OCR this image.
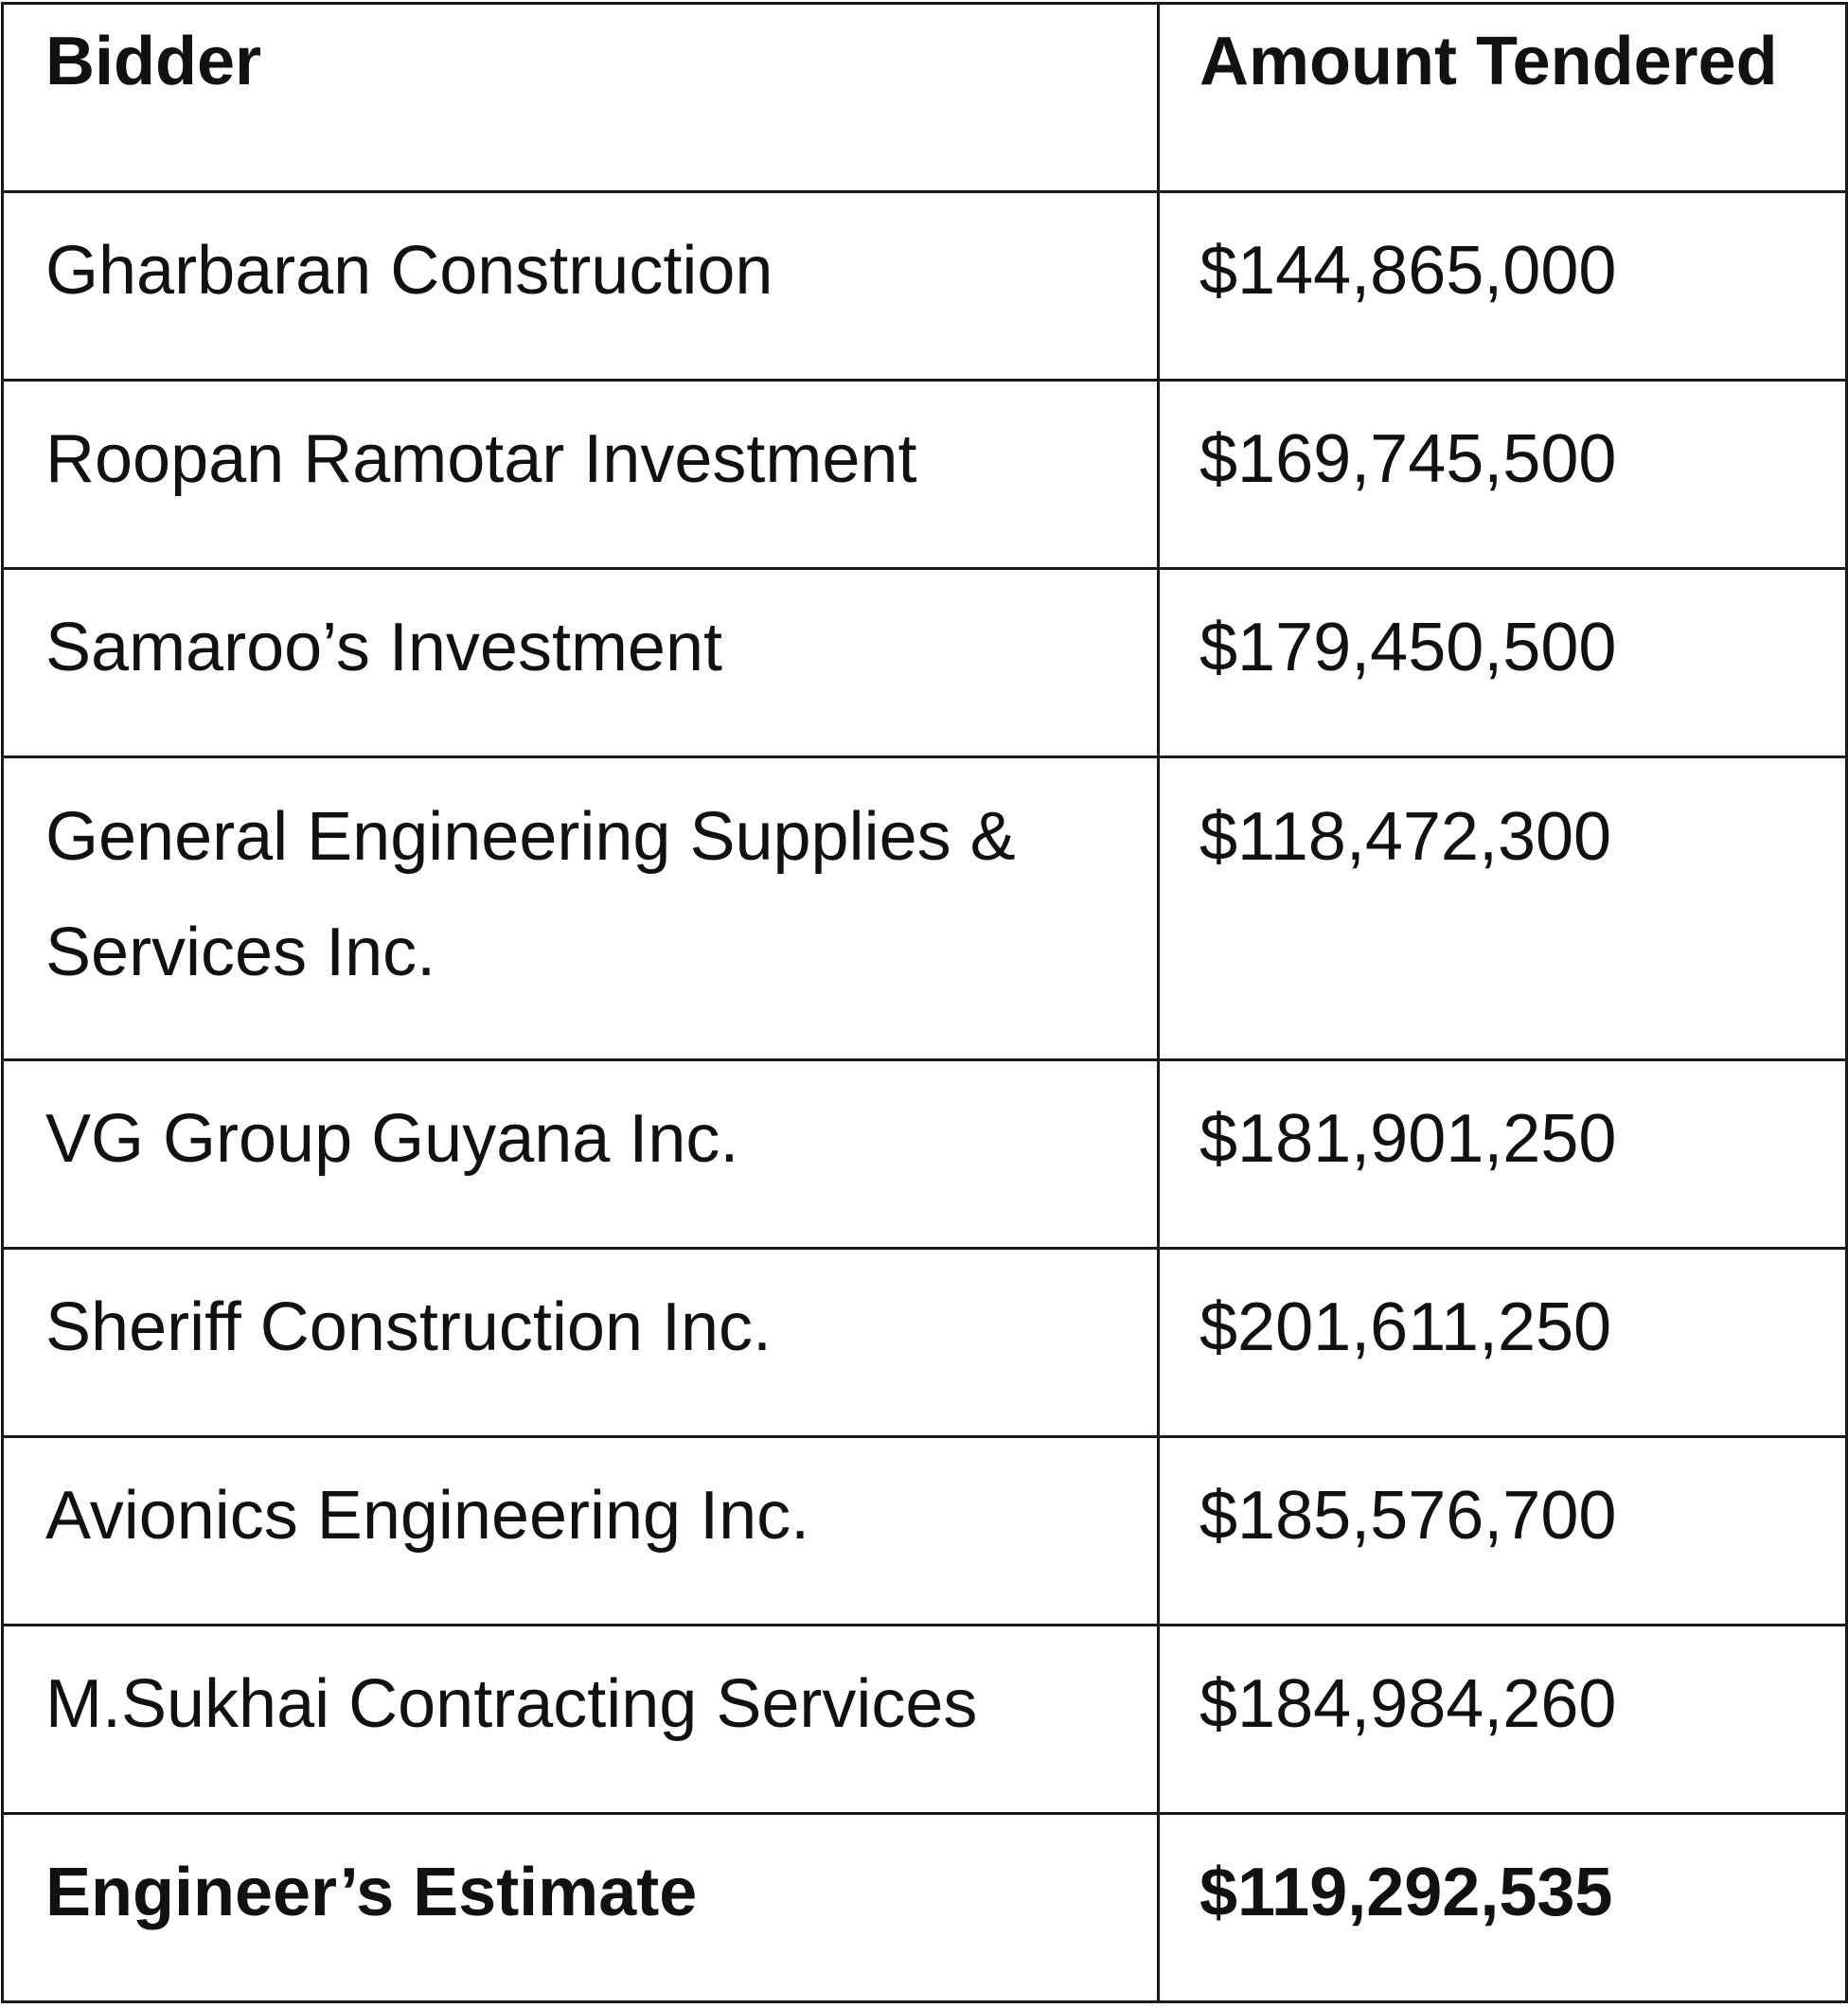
Bidder	Amount Tendered
Gharbaran Construction	$144,865,000
Roopan Ramotar Investment	$169,745,500
Samaroo’s Investment	$179,450,500
General Engineering Supplies & Services Inc.	$118,472,300
VG Group Guyana Inc.	$181,901,250
Sheriff Construction Inc.	$201,611,250
Avionics Engineering Inc.	$185,576,700
M.Sukhai Contracting Services	$184,984,260
Engineer’s Estimate	$119,292,535
